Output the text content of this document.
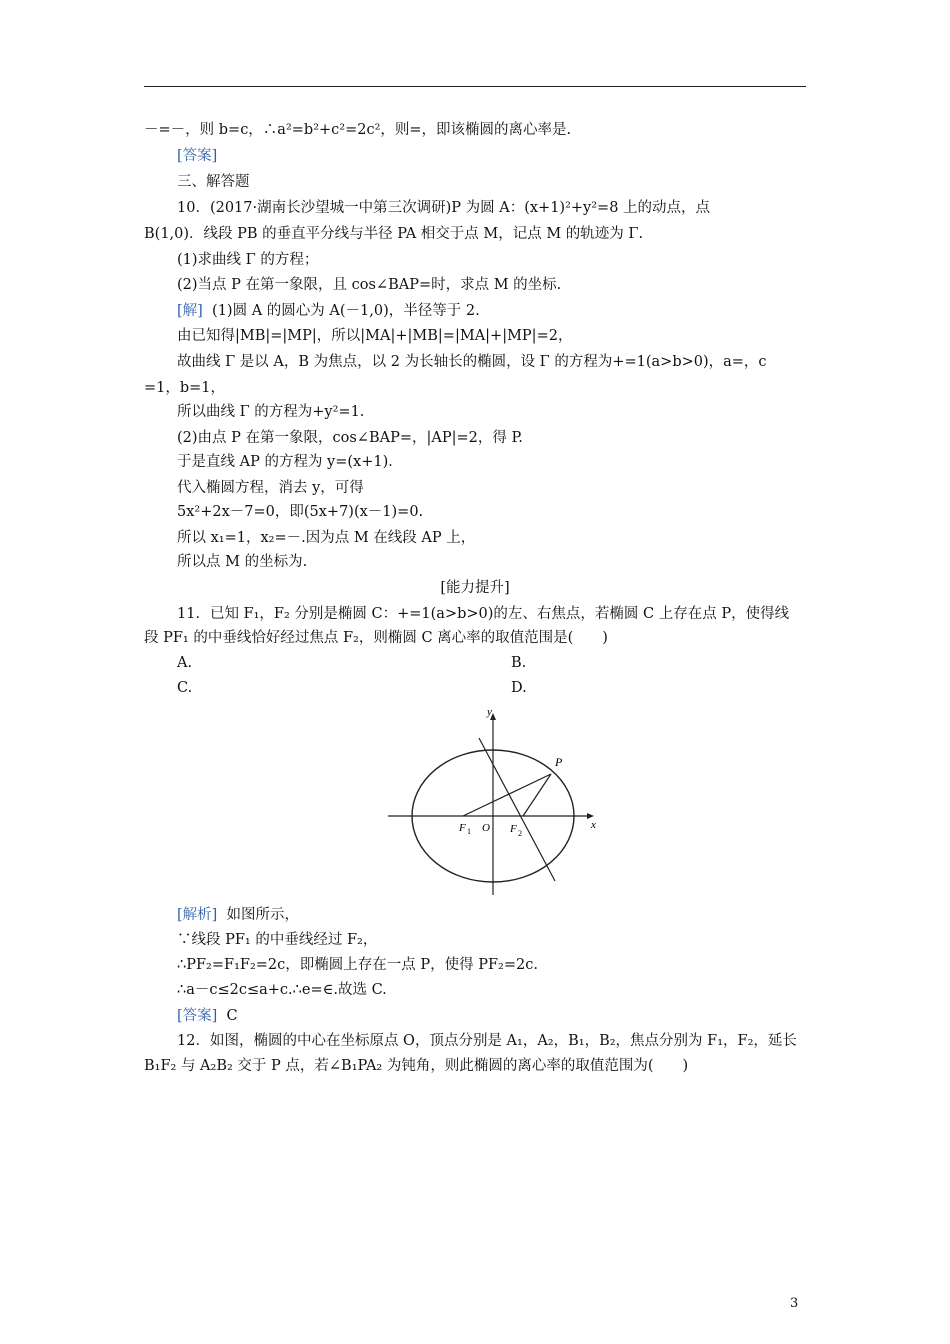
－=－，则 b=c，∴a²=b²+c²=2c²，则=，即该椭圆的离心率是.
[答案]
三、解答题
10．(2017·湖南长沙望城一中第三次调研)P 为圆 A：(x+1)²+y²=8 上的动点，点
B(1,0)．线段 PB 的垂直平分线与半径 PA 相交于点 M，记点 M 的轨迹为 Γ.
(1)求曲线 Γ 的方程；
(2)当点 P 在第一象限，且 cos∠BAP=时，求点 M 的坐标.
[解] (1)圆 A 的圆心为 A(－1,0)，半径等于 2.
由已知得|MB|=|MP|，所以|MA|+|MB|=|MA|+|MP|=2，
故曲线 Γ 是以 A，B 为焦点，以 2 为长轴长的椭圆，设 Γ 的方程为+=1(a>b>0)，a=，c
=1，b=1，
所以曲线 Γ 的方程为+y²=1.
(2)由点 P 在第一象限，cos∠BAP=，|AP|=2，得 P.
于是直线 AP 的方程为 y=(x+1)．
代入椭圆方程，消去 y，可得
5x²+2x－7=0，即(5x+7)(x－1)=0.
所以 x₁=1，x₂=－.因为点 M 在线段 AP 上，
所以点 M 的坐标为.
[能力提升]
11．已知 F₁，F₂ 分别是椭圆 C：+=1(a>b>0)的左、右焦点，若椭圆 C 上存在点 P，使得线
段 PF₁ 的中垂线恰好经过焦点 F₂，则椭圆 C 离心率的取值范围是(　　)
A.	B.
C.	D.
y
x
P
O
F 1	F 2
[解析] 如图所示，
∵线段 PF₁ 的中垂线经过 F₂，
∴PF₂=F₁F₂=2c，即椭圆上存在一点 P，使得 PF₂=2c.
∴a－c≤2c≤a+c.∴e=∈.故选 C.
[答案] C
12．如图，椭圆的中心在坐标原点 O，顶点分别是 A₁，A₂，B₁，B₂，焦点分别为 F₁，F₂，延长
B₁F₂ 与 A₂B₂ 交于 P 点，若∠B₁PA₂ 为钝角，则此椭圆的离心率的取值范围为(　　)
3
